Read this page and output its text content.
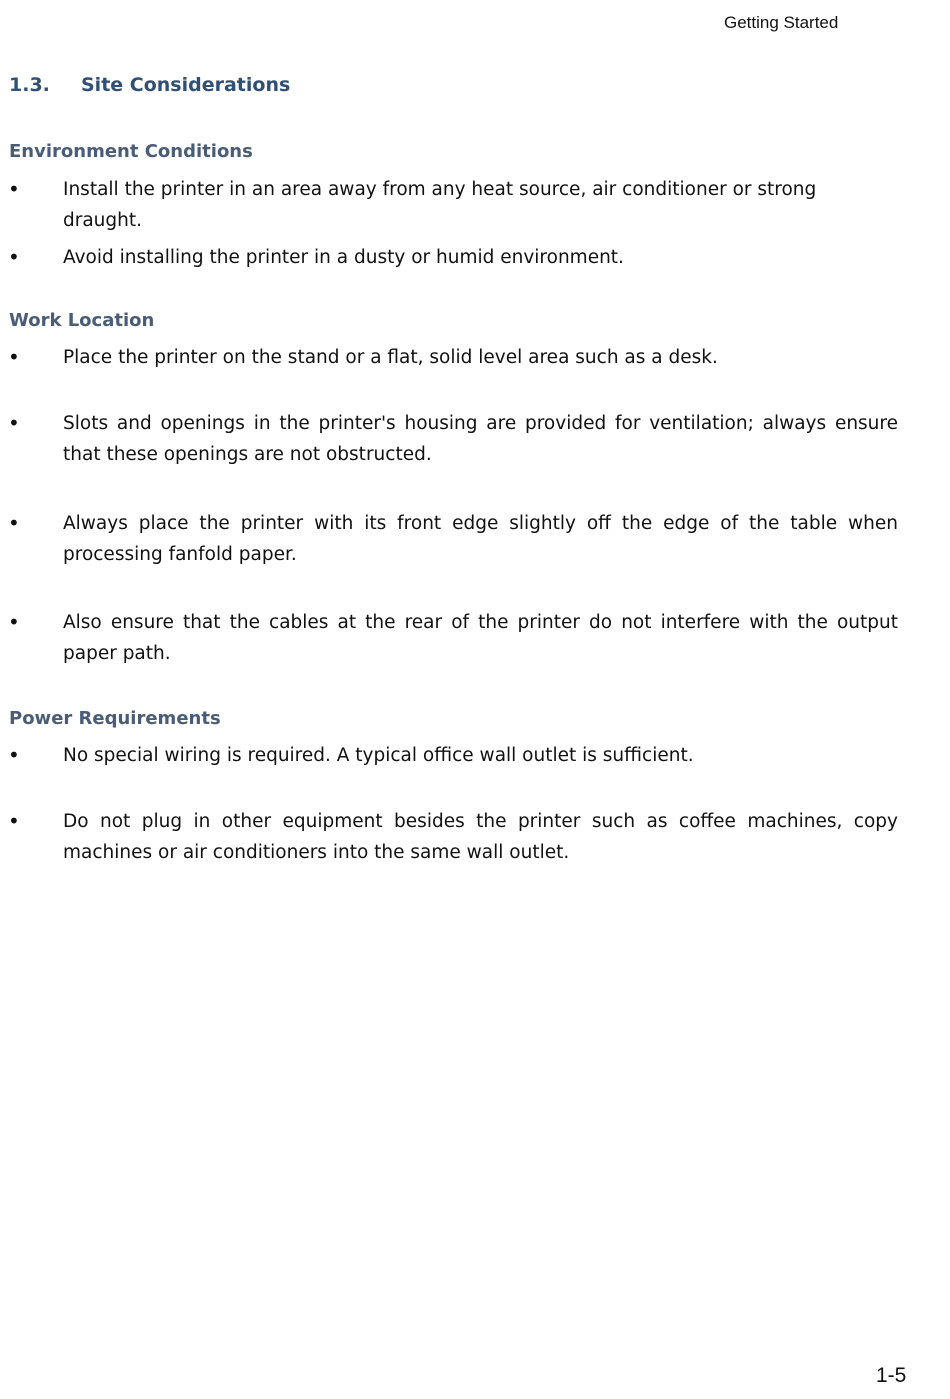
Getting Started
1.3. Site Considerations
Environment Conditions
•	Install the printer in an area away from any heat source, air conditioner or strong draught.
•	Avoid installing the printer in a dusty or humid environment.
Work Location
•	Place the printer on the stand or a flat, solid level area such as a desk.
•	Slots and openings in the printer's housing are provided for ventilation; always ensure that these openings are not obstructed.
•	Always place the printer with its front edge slightly off the edge of the table when processing fanfold paper.
•	Also ensure that the cables at the rear of the printer do not interfere with the output paper path.
Power Requirements
•	No special wiring is required. A typical office wall outlet is sufficient.
•	Do not plug in other equipment besides the printer such as coffee machines, copy machines or air conditioners into the same wall outlet.
1-5
